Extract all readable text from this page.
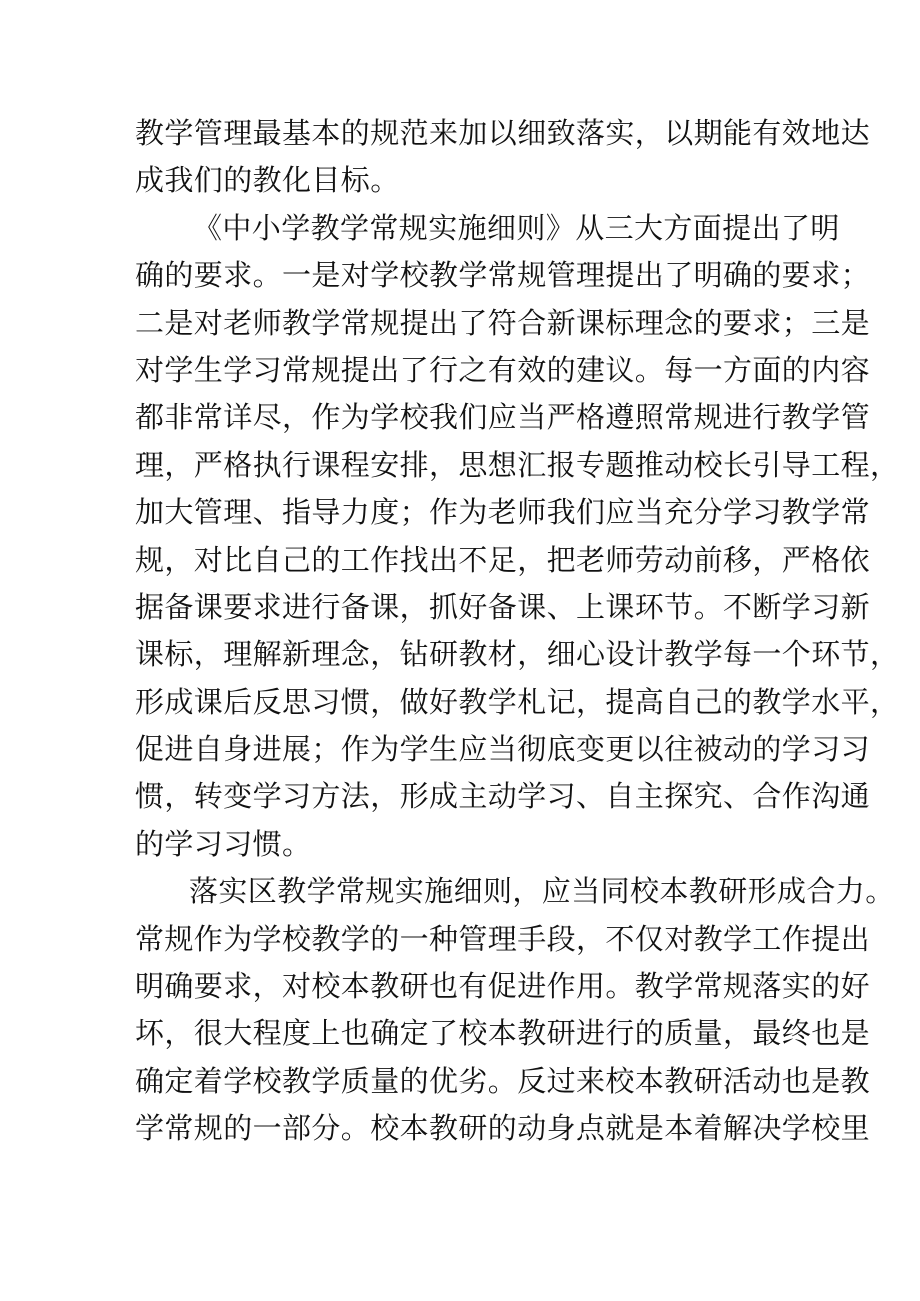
教学管理最基本的规范来加以细致落实，以期能有效地达
成我们的教化目标。
《中小学教学常规实施细则》从三大方面提出了明
确的要求。一是对学校教学常规管理提出了明确的要求；
二是对老师教学常规提出了符合新课标理念的要求；三是
对学生学习常规提出了行之有效的建议。每一方面的内容
都非常详尽，作为学校我们应当严格遵照常规进行教学管
理，严格执行课程安排，思想汇报专题推动校长引导工程，
加大管理、指导力度；作为老师我们应当充分学习教学常
规，对比自己的工作找出不足，把老师劳动前移，严格依
据备课要求进行备课，抓好备课、上课环节。不断学习新
课标，理解新理念，钻研教材，细心设计教学每一个环节，
形成课后反思习惯，做好教学札记，提高自己的教学水平，
促进自身进展；作为学生应当彻底变更以往被动的学习习
惯，转变学习方法，形成主动学习、自主探究、合作沟通
的学习习惯。
落实区教学常规实施细则，应当同校本教研形成合力。
常规作为学校教学的一种管理手段，不仅对教学工作提出
明确要求，对校本教研也有促进作用。教学常规落实的好
坏，很大程度上也确定了校本教研进行的质量，最终也是
确定着学校教学质量的优劣。反过来校本教研活动也是教
学常规的一部分。校本教研的动身点就是本着解决学校里
